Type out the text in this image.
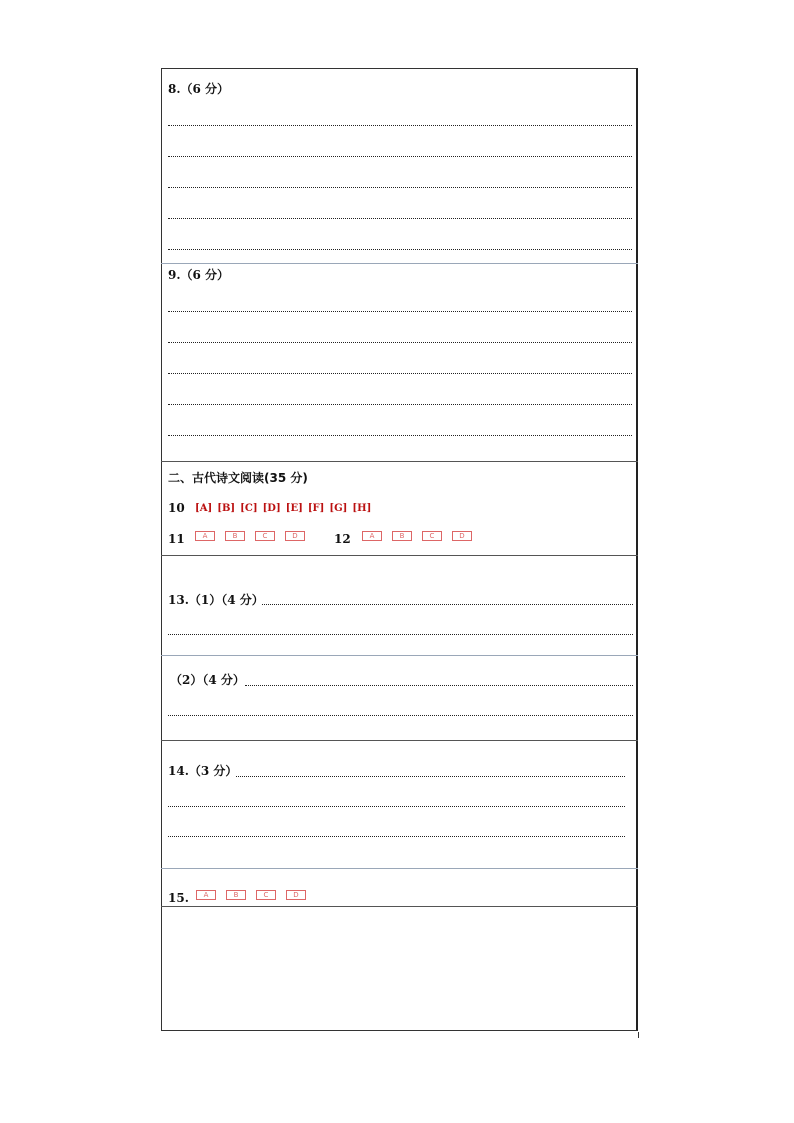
8.（6 分）
9.（6 分）
二、古代诗文阅读(35 分)
10 [A] [B] [C] [D] [E] [F] [G] [H]
11	A	B	C	D	12	A	B	C	D
13.（1）（4 分）
（2）（4 分）
14.（3 分）
15.	A	B	C	D
